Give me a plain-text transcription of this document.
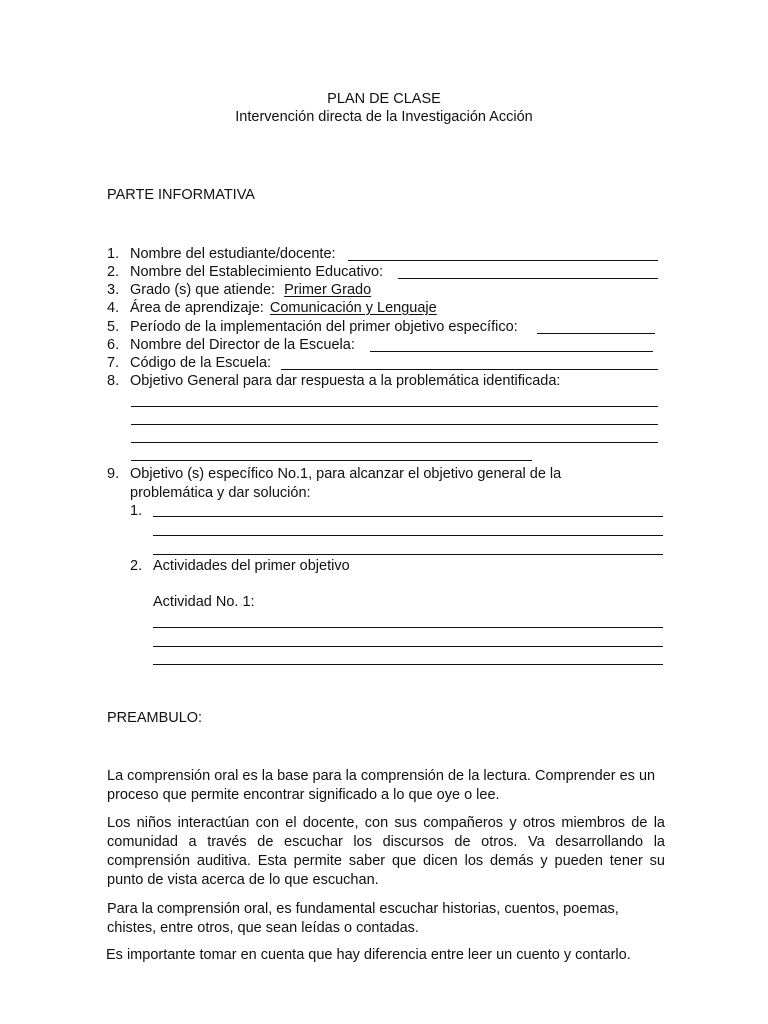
PLAN DE CLASE
Intervención directa de la Investigación Acción
PARTE INFORMATIVA
1. Nombre del estudiante/docente:
2. Nombre del Establecimiento Educativo:
3. Grado (s) que atiende: Primer Grado
4. Área de aprendizaje: Comunicación y Lenguaje
5. Período de la implementación del primer objetivo específico:
6. Nombre del Director de la Escuela:
7. Código de la Escuela:
8. Objetivo General para dar respuesta a la problemática identificada:
9. Objetivo (s) específico No.1, para alcanzar el objetivo general de la
problemática y dar solución:
1.
2. Actividades del primer objetivo
Actividad No. 1:
PREAMBULO:
La comprensión oral es la base para la comprensión de la lectura. Comprender es un proceso que permite encontrar significado a lo que oye o lee.
Los niños interactúan con el docente, con sus compañeros y otros miembros de la comunidad a través de escuchar los discursos de otros. Va desarrollando la comprensión auditiva. Esta permite saber que dicen los demás y pueden tener su punto de vista acerca de lo que escuchan.
Para la comprensión oral, es fundamental escuchar historias, cuentos, poemas, chistes, entre otros, que sean leídas o contadas.
Es importante tomar en cuenta que hay diferencia entre leer un cuento y contarlo.
